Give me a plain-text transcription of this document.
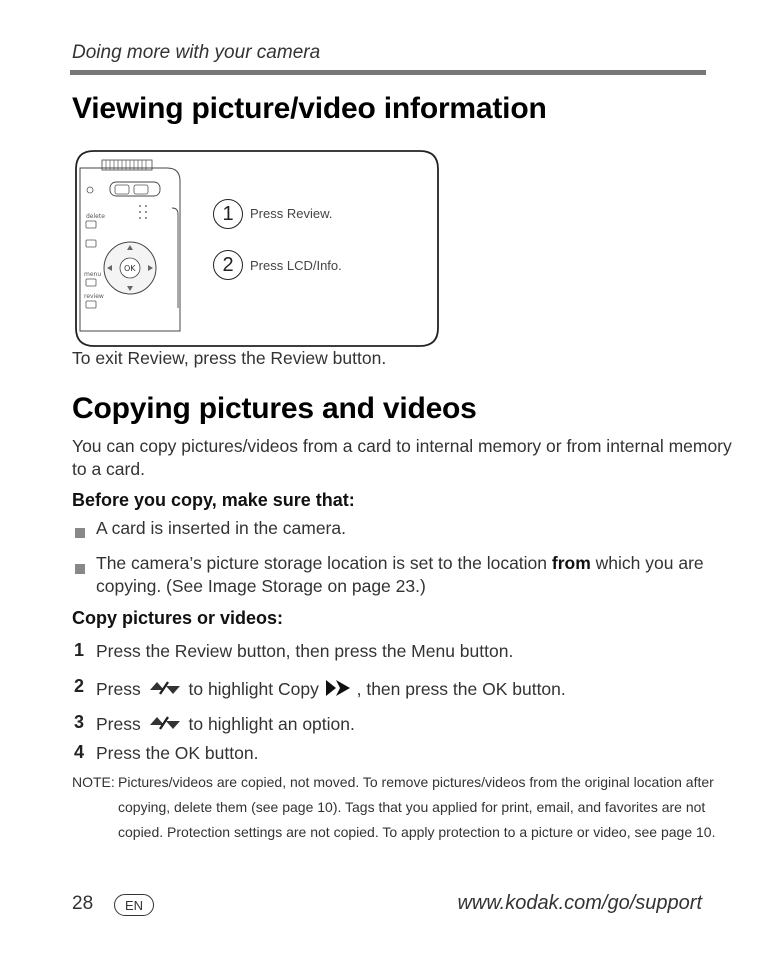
Doing more with your camera
Viewing picture/video information
delete
menu
review
OK
1	Press Review.
2	Press LCD/Info.
To exit Review, press the Review button.
Copying pictures and videos
You can copy pictures/videos from a card to internal memory or from internal memory
to a card.
Before you copy, make sure that:
A card is inserted in the camera.
The camera’s picture storage location is set to the location from which you are
copying. (See Image Storage on page 23.)
Copy pictures or videos:
1 Press the Review button, then press the Menu button.
2 Press	to highlight Copy , then press the OK button.
3 Press	to highlight an option.
4 Press the OK button.
NOTE: Pictures/videos are copied, not moved. To remove pictures/videos from the original location after
copying, delete them (see page 10). Tags that you applied for print, email, and favorites are not
copied. Protection settings are not copied. To apply protection to a picture or video, see page 10.
28 EN	www.kodak.com/go/support
